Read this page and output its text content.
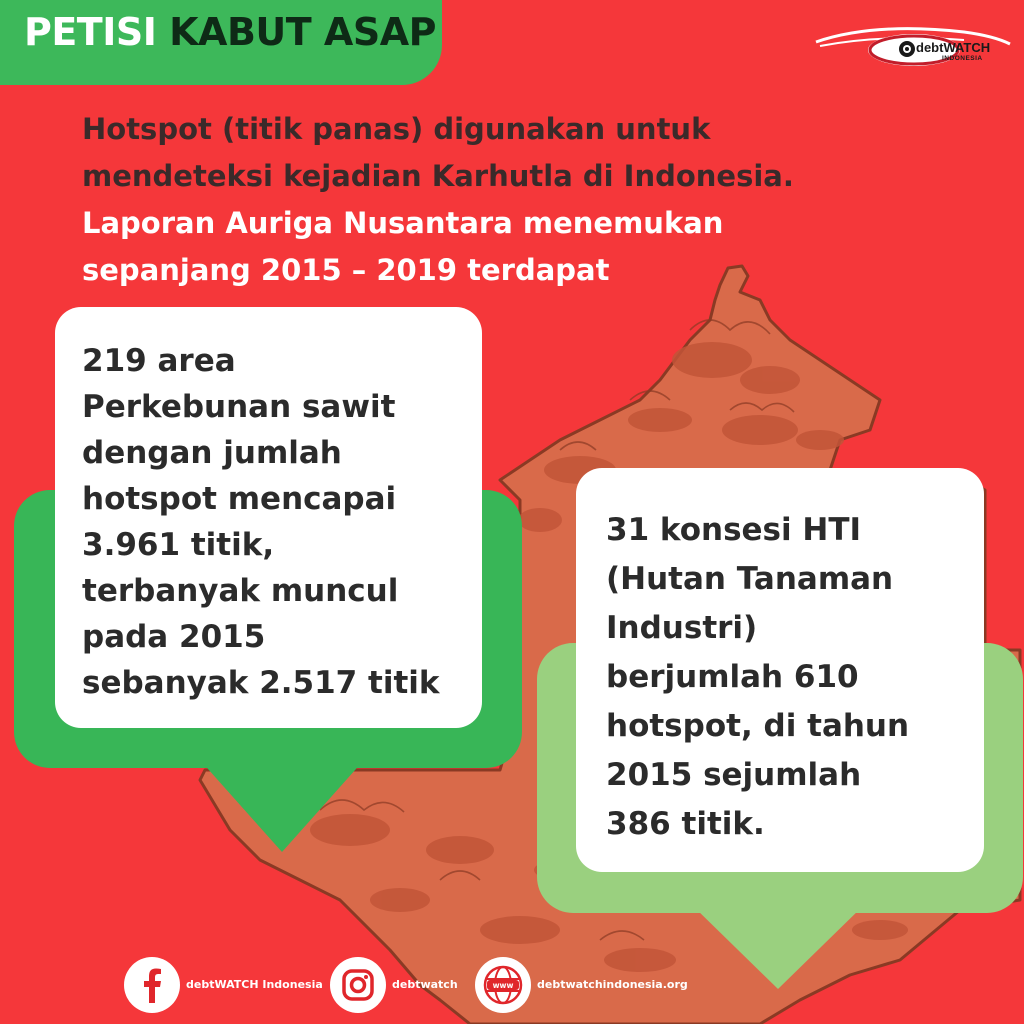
PETISI KABUT ASAP	debtWATCH
INDONESIA
Hotspot (titik panas) digunakan untuk
mendeteksi kejadian Karhutla di Indonesia.
Laporan Auriga Nusantara menemukan
sepanjang 2015 – 2019 terdapat
219 area
Perkebunan sawit
dengan jumlah
hotspot mencapai
3.961 titik,
terbanyak muncul
pada 2015
sebanyak 2.517 titik
31 konsesi HTI
(Hutan Tanaman
Industri)
berjumlah 610
hotspot, di tahun
2015 sejumlah
386 titik.
debtWATCH Indonesia	debtwatch	www debtwatchindonesia.org
